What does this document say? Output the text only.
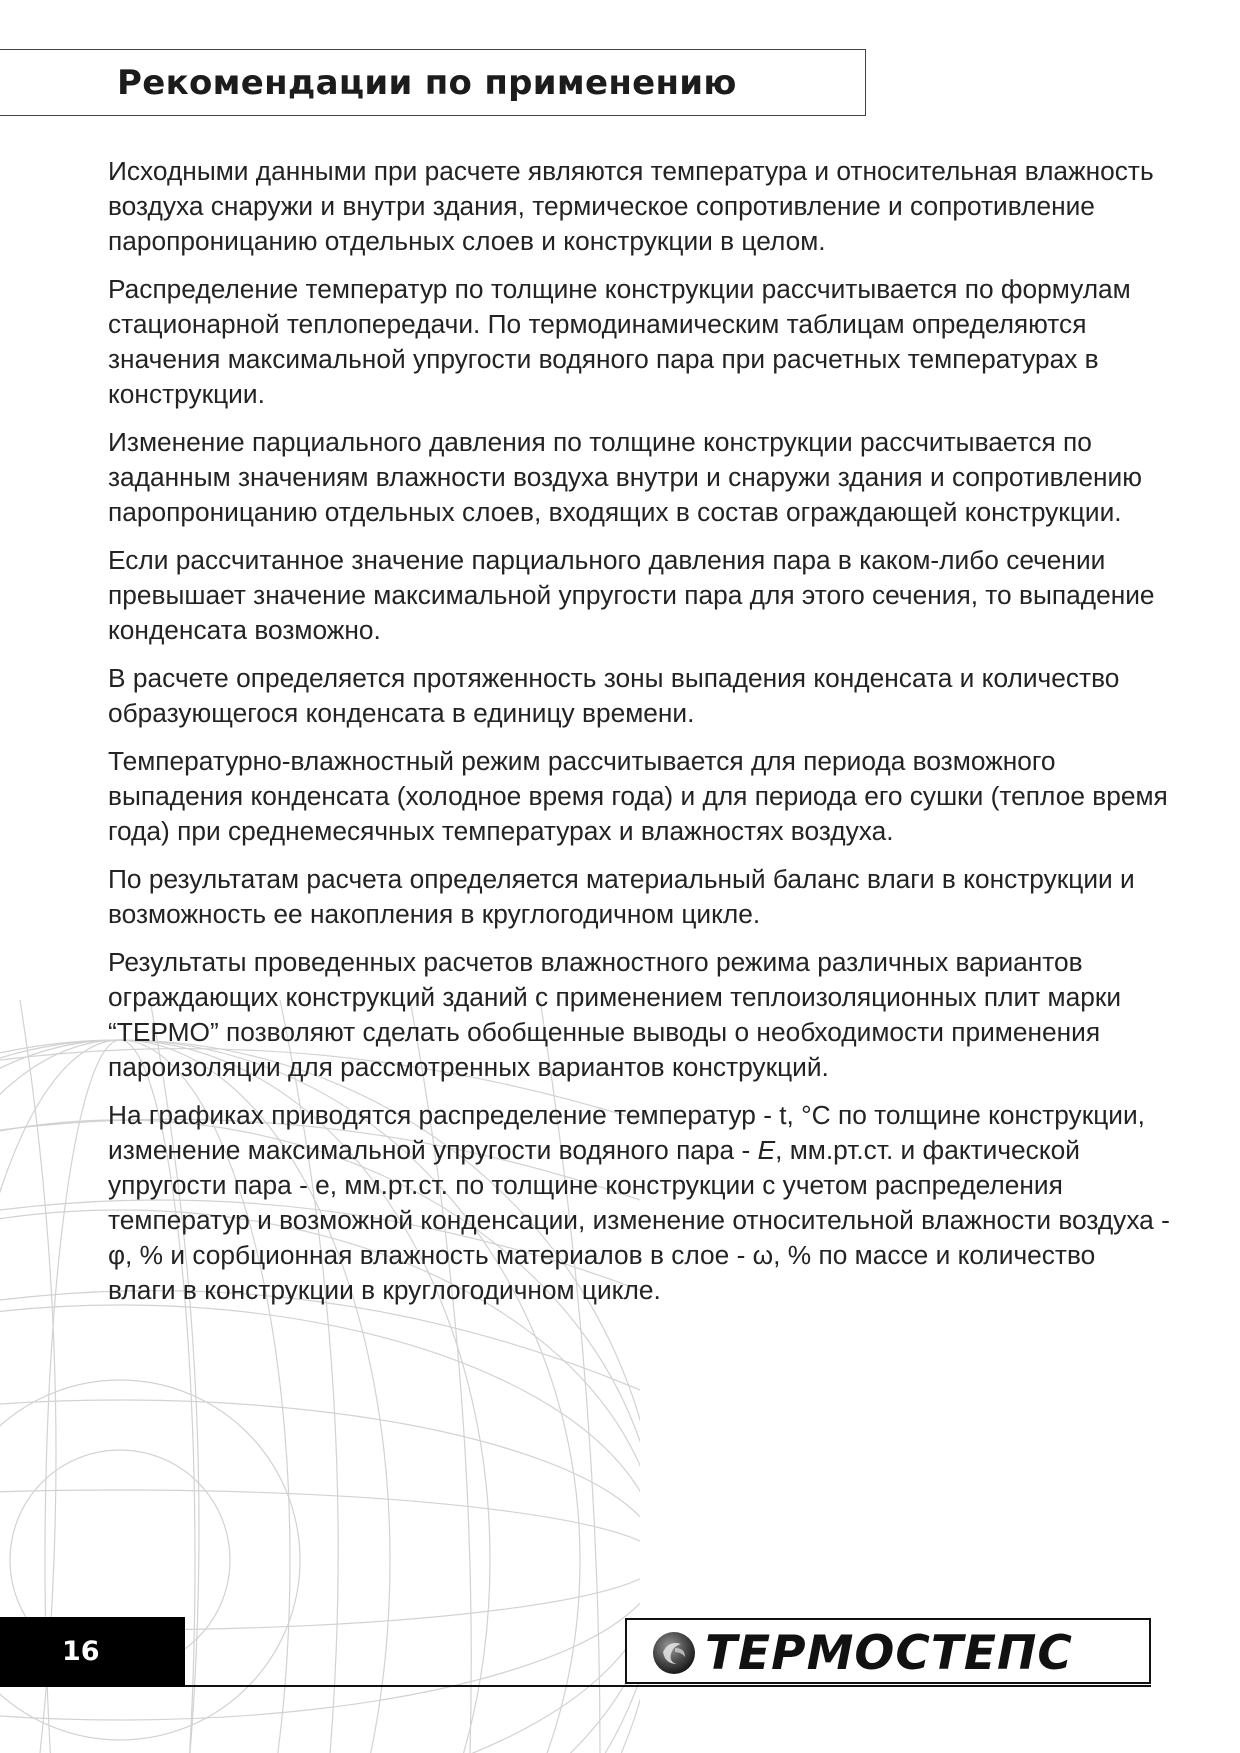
Рекомендации по применению

Исходными данными при расчете являются температура и относительная влажность воздуха снаружи и внутри здания, термическое сопротивление и сопротивление паропроницанию отдельных слоев и конструкции в целом.

Распределение температур по толщине конструкции рассчитывается по формулам стационарной теплопередачи. По термодинамическим таблицам определяются значения максимальной упругости водяного пара при расчетных температурах в конструкции.

Изменение парциального давления по толщине конструкции рассчитывается по заданным значениям влажности воздуха внутри и снаружи здания и сопротивлению паропроницанию отдельных слоев, входящих в состав ограждающей конструкции.

Если рассчитанное значение парциального давления пара в каком-либо сечении превышает значение максимальной упругости пара для этого сечения, то выпадение конденсата возможно.

В расчете определяется протяженность зоны выпадения конденсата и количество образующегося конденсата в единицу времени.

Температурно-влажностный режим рассчитывается для периода возможного выпадения конденсата (холодное время года) и для периода его сушки (теплое время года) при среднемесячных температурах и влажностях воздуха.

По результатам расчета определяется материальный баланс влаги в конструкции и возможность ее накопления в круглогодичном цикле.

Результаты проведенных расчетов влажностного режима различных вариантов ограждающих конструкций зданий с применением теплоизоляционных плит марки “ТЕРМО” позволяют сделать обобщенные выводы о необходимости применения пароизоляции для рассмотренных вариантов конструкций.

На графиках приводятся распределение температур - t, °С по толщине конструкции, изменение максимальной упругости водяного пара - Е, мм.рт.ст. и фактической упругости пара - е, мм.рт.ст. по толщине конструкции с учетом распределения температур и возможной конденсации, изменение относительной влажности воздуха - φ, % и сорбционная влажность материалов в слое - ω, % по массе и количество влаги в конструкции в круглогодичном цикле.

16	ТЕРМОСТЕПС
